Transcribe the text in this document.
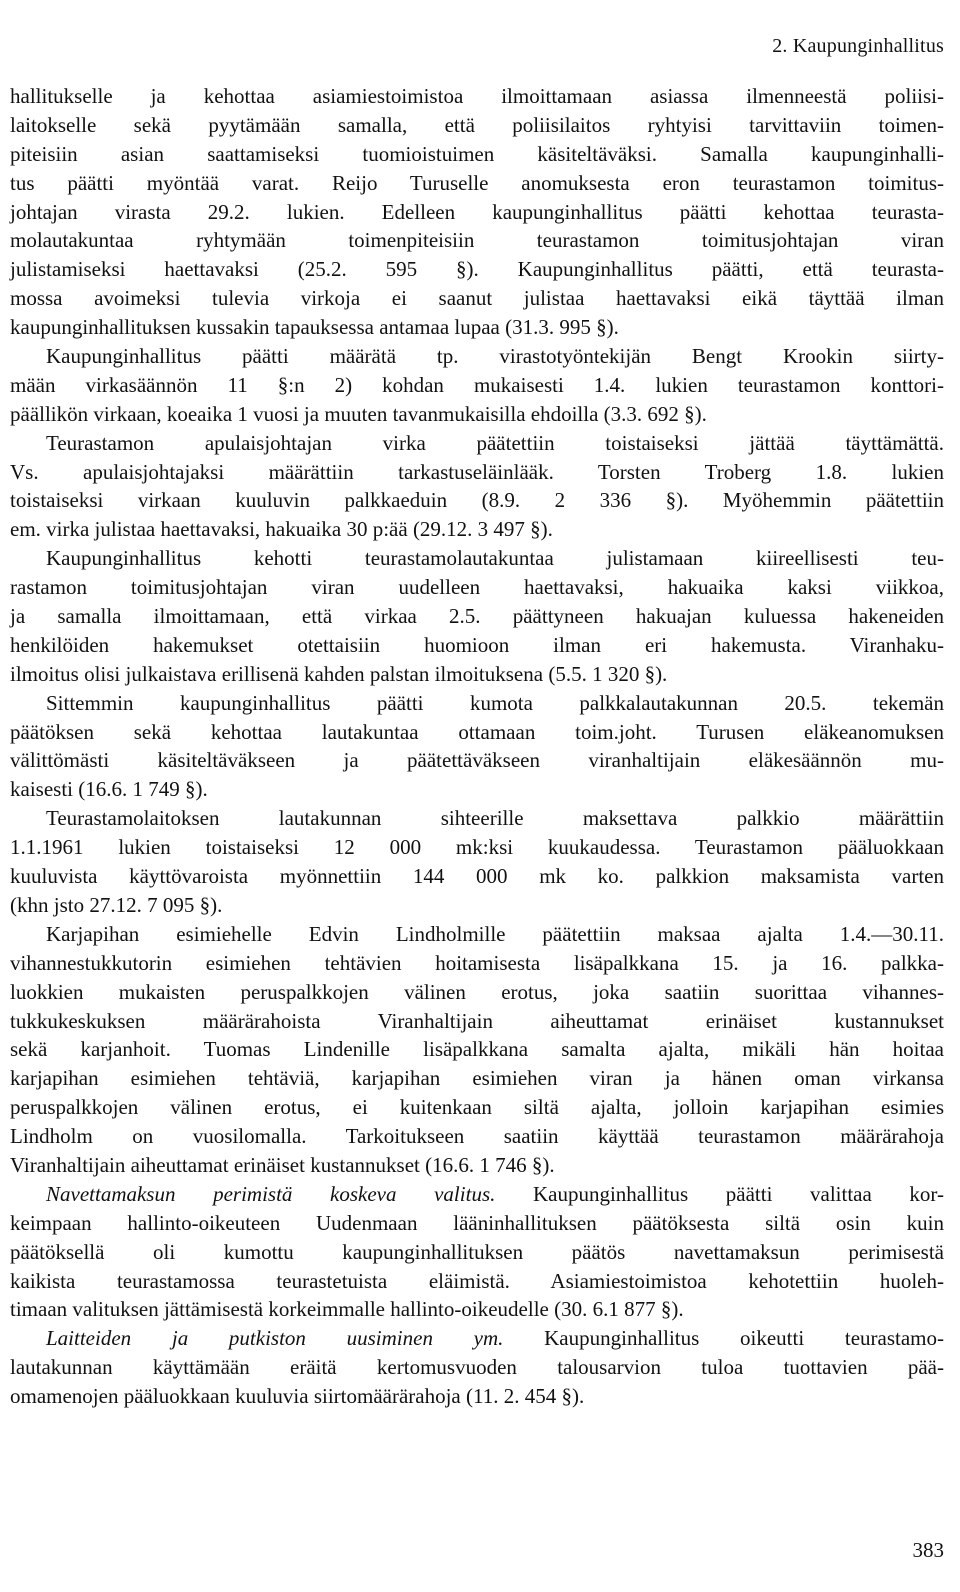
2. Kaupunginhallitus
hallitukselle ja kehottaa asiamiestoimistoa ilmoittamaan asiassa ilmenneestä poliisi-
laitokselle sekä pyytämään samalla, että poliisilaitos ryhtyisi tarvittaviin toimen-
piteisiin asian saattamiseksi tuomioistuimen käsiteltäväksi. Samalla kaupunginhalli-
tus päätti myöntää varat. Reijo Turuselle anomuksesta eron teurastamon toimitus-
johtajan virasta 29.2. lukien. Edelleen kaupunginhallitus päätti kehottaa teurasta-
molautakuntaa ryhtymään toimenpiteisiin teurastamon toimitusjohtajan viran
julistamiseksi haettavaksi (25.2. 595 §). Kaupunginhallitus päätti, että teurasta-
mossa avoimeksi tulevia virkoja ei saanut julistaa haettavaksi eikä täyttää ilman
kaupunginhallituksen kussakin tapauksessa antamaa lupaa (31.3. 995 §).
Kaupunginhallitus päätti määrätä tp. virastotyöntekijän Bengt Krookin siirty-
mään virkasäännön 11 §:n 2) kohdan mukaisesti 1.4. lukien teurastamon konttori-
päällikön virkaan, koeaika 1 vuosi ja muuten tavanmukaisilla ehdoilla (3.3. 692 §).
Teurastamon apulaisjohtajan virka päätettiin toistaiseksi jättää täyttämättä.
Vs. apulaisjohtajaksi määrättiin tarkastuseläinlääk. Torsten Troberg 1.8. lukien
toistaiseksi virkaan kuuluvin palkkaeduin (8.9. 2 336 §). Myöhemmin päätettiin
em. virka julistaa haettavaksi, hakuaika 30 p:ää (29.12. 3 497 §).
Kaupunginhallitus kehotti teurastamolautakuntaa julistamaan kiireellisesti teu-
rastamon toimitusjohtajan viran uudelleen haettavaksi, hakuaika kaksi viikkoa,
ja samalla ilmoittamaan, että virkaa 2.5. päättyneen hakuajan kuluessa hakeneiden
henkilöiden hakemukset otettaisiin huomioon ilman eri hakemusta. Viranhaku-
ilmoitus olisi julkaistava erillisenä kahden palstan ilmoituksena (5.5. 1 320 §).
Sittemmin kaupunginhallitus päätti kumota palkkalautakunnan 20.5. tekemän
päätöksen sekä kehottaa lautakuntaa ottamaan toim.joht. Turusen eläkeanomuksen
välittömästi käsiteltäväkseen ja päätettäväkseen viranhaltijain eläkesäännön mu-
kaisesti (16.6. 1 749 §).
Teurastamolaitoksen lautakunnan sihteerille maksettava palkkio määrättiin
1.1.1961 lukien toistaiseksi 12 000 mk:ksi kuukaudessa. Teurastamon pääluokkaan
kuuluvista käyttövaroista myönnettiin 144 000 mk ko. palkkion maksamista varten
(khn jsto 27.12. 7 095 §).
Karjapihan esimiehelle Edvin Lindholmille päätettiin maksaa ajalta 1.4.—30.11.
vihannestukkutorin esimiehen tehtävien hoitamisesta lisäpalkkana 15. ja 16. palkka-
luokkien mukaisten peruspalkkojen välinen erotus, joka saatiin suorittaa vihannes-
tukkukeskuksen määrärahoista Viranhaltijain aiheuttamat erinäiset kustannukset
sekä karjanhoit. Tuomas Lindenille lisäpalkkana samalta ajalta, mikäli hän hoitaa
karjapihan esimiehen tehtäviä, karjapihan esimiehen viran ja hänen oman virkansa
peruspalkkojen välinen erotus, ei kuitenkaan siltä ajalta, jolloin karjapihan esimies
Lindholm on vuosilomalla. Tarkoitukseen saatiin käyttää teurastamon määrärahoja
Viranhaltijain aiheuttamat erinäiset kustannukset (16.6. 1 746 §).
Navettamaksun perimistä koskeva valitus. Kaupunginhallitus päätti valittaa kor-
keimpaan hallinto-oikeuteen Uudenmaan lääninhallituksen päätöksesta siltä osin kuin
päätöksellä oli kumottu kaupunginhallituksen päätös navettamaksun perimisestä
kaikista teurastamossa teurastetuista eläimistä. Asiamiestoimistoa kehotettiin huoleh-
timaan valituksen jättämisestä korkeimmalle hallinto-oikeudelle (30. 6.1 877 §).
Laitteiden ja putkiston uusiminen ym. Kaupunginhallitus oikeutti teurastamo-
lautakunnan käyttämään eräitä kertomusvuoden talousarvion tuloa tuottavien pää-
omamenojen pääluokkaan kuuluvia siirtomäärärahoja (11. 2. 454 §).
383
